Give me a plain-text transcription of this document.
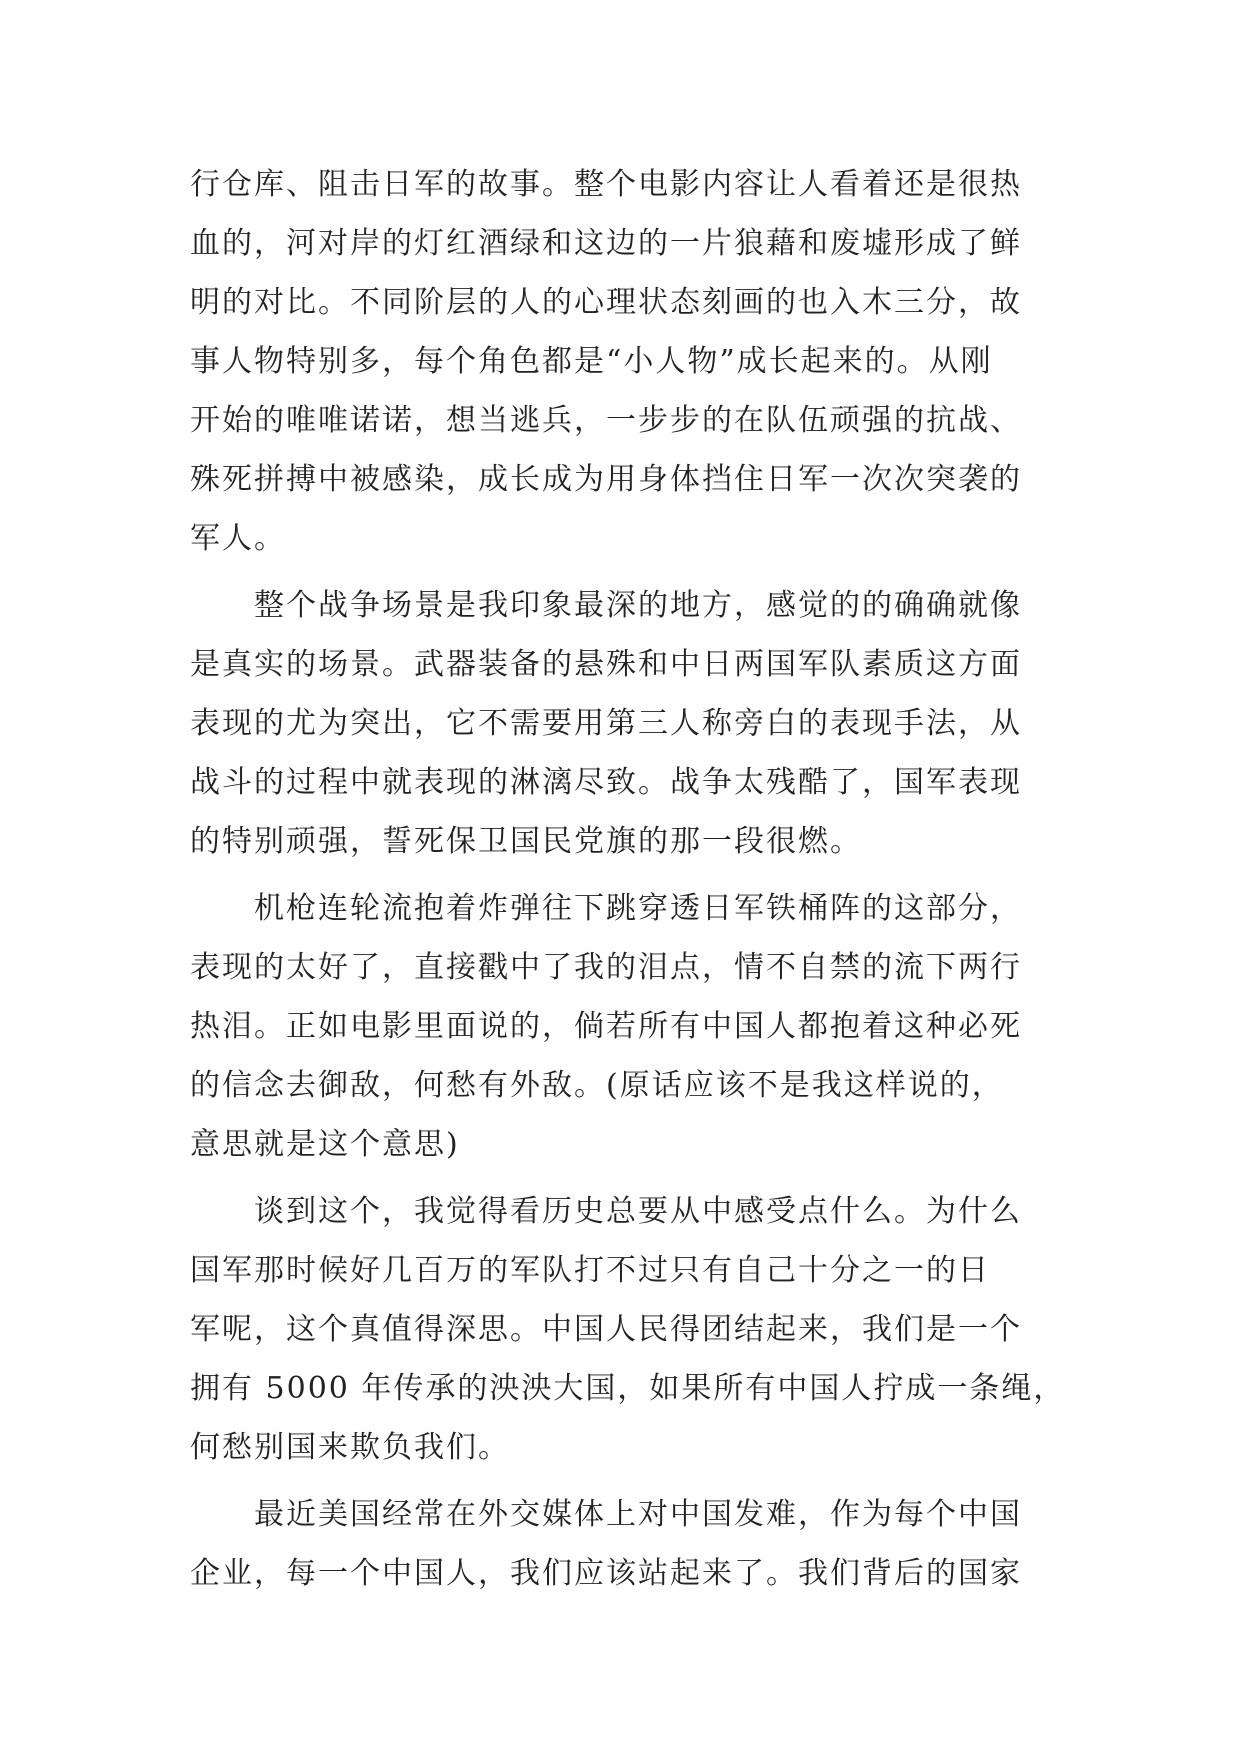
行仓库、阻击日军的故事。整个电影内容让人看着还是很热
血的，河对岸的灯红酒绿和这边的一片狼藉和废墟形成了鲜
明的对比。不同阶层的人的心理状态刻画的也入木三分，故
事人物特别多，每个角色都是“小人物”成长起来的。从刚
开始的唯唯诺诺，想当逃兵，一步步的在队伍顽强的抗战、
殊死拼搏中被感染，成长成为用身体挡住日军一次次突袭的
军人。
整个战争场景是我印象最深的地方，感觉的的确确就像
是真实的场景。武器装备的悬殊和中日两国军队素质这方面
表现的尤为突出，它不需要用第三人称旁白的表现手法，从
战斗的过程中就表现的淋漓尽致。战争太残酷了，国军表现
的特别顽强，誓死保卫国民党旗的那一段很燃。
机枪连轮流抱着炸弹往下跳穿透日军铁桶阵的这部分，
表现的太好了，直接戳中了我的泪点，情不自禁的流下两行
热泪。正如电影里面说的，倘若所有中国人都抱着这种必死
的信念去御敌，何愁有外敌。(原话应该不是我这样说的，
意思就是这个意思)
谈到这个，我觉得看历史总要从中感受点什么。为什么
国军那时候好几百万的军队打不过只有自己十分之一的日
军呢，这个真值得深思。中国人民得团结起来，我们是一个
拥有 5000 年传承的泱泱大国，如果所有中国人拧成一条绳，
何愁别国来欺负我们。
最近美国经常在外交媒体上对中国发难，作为每个中国
企业，每一个中国人，我们应该站起来了。我们背后的国家
